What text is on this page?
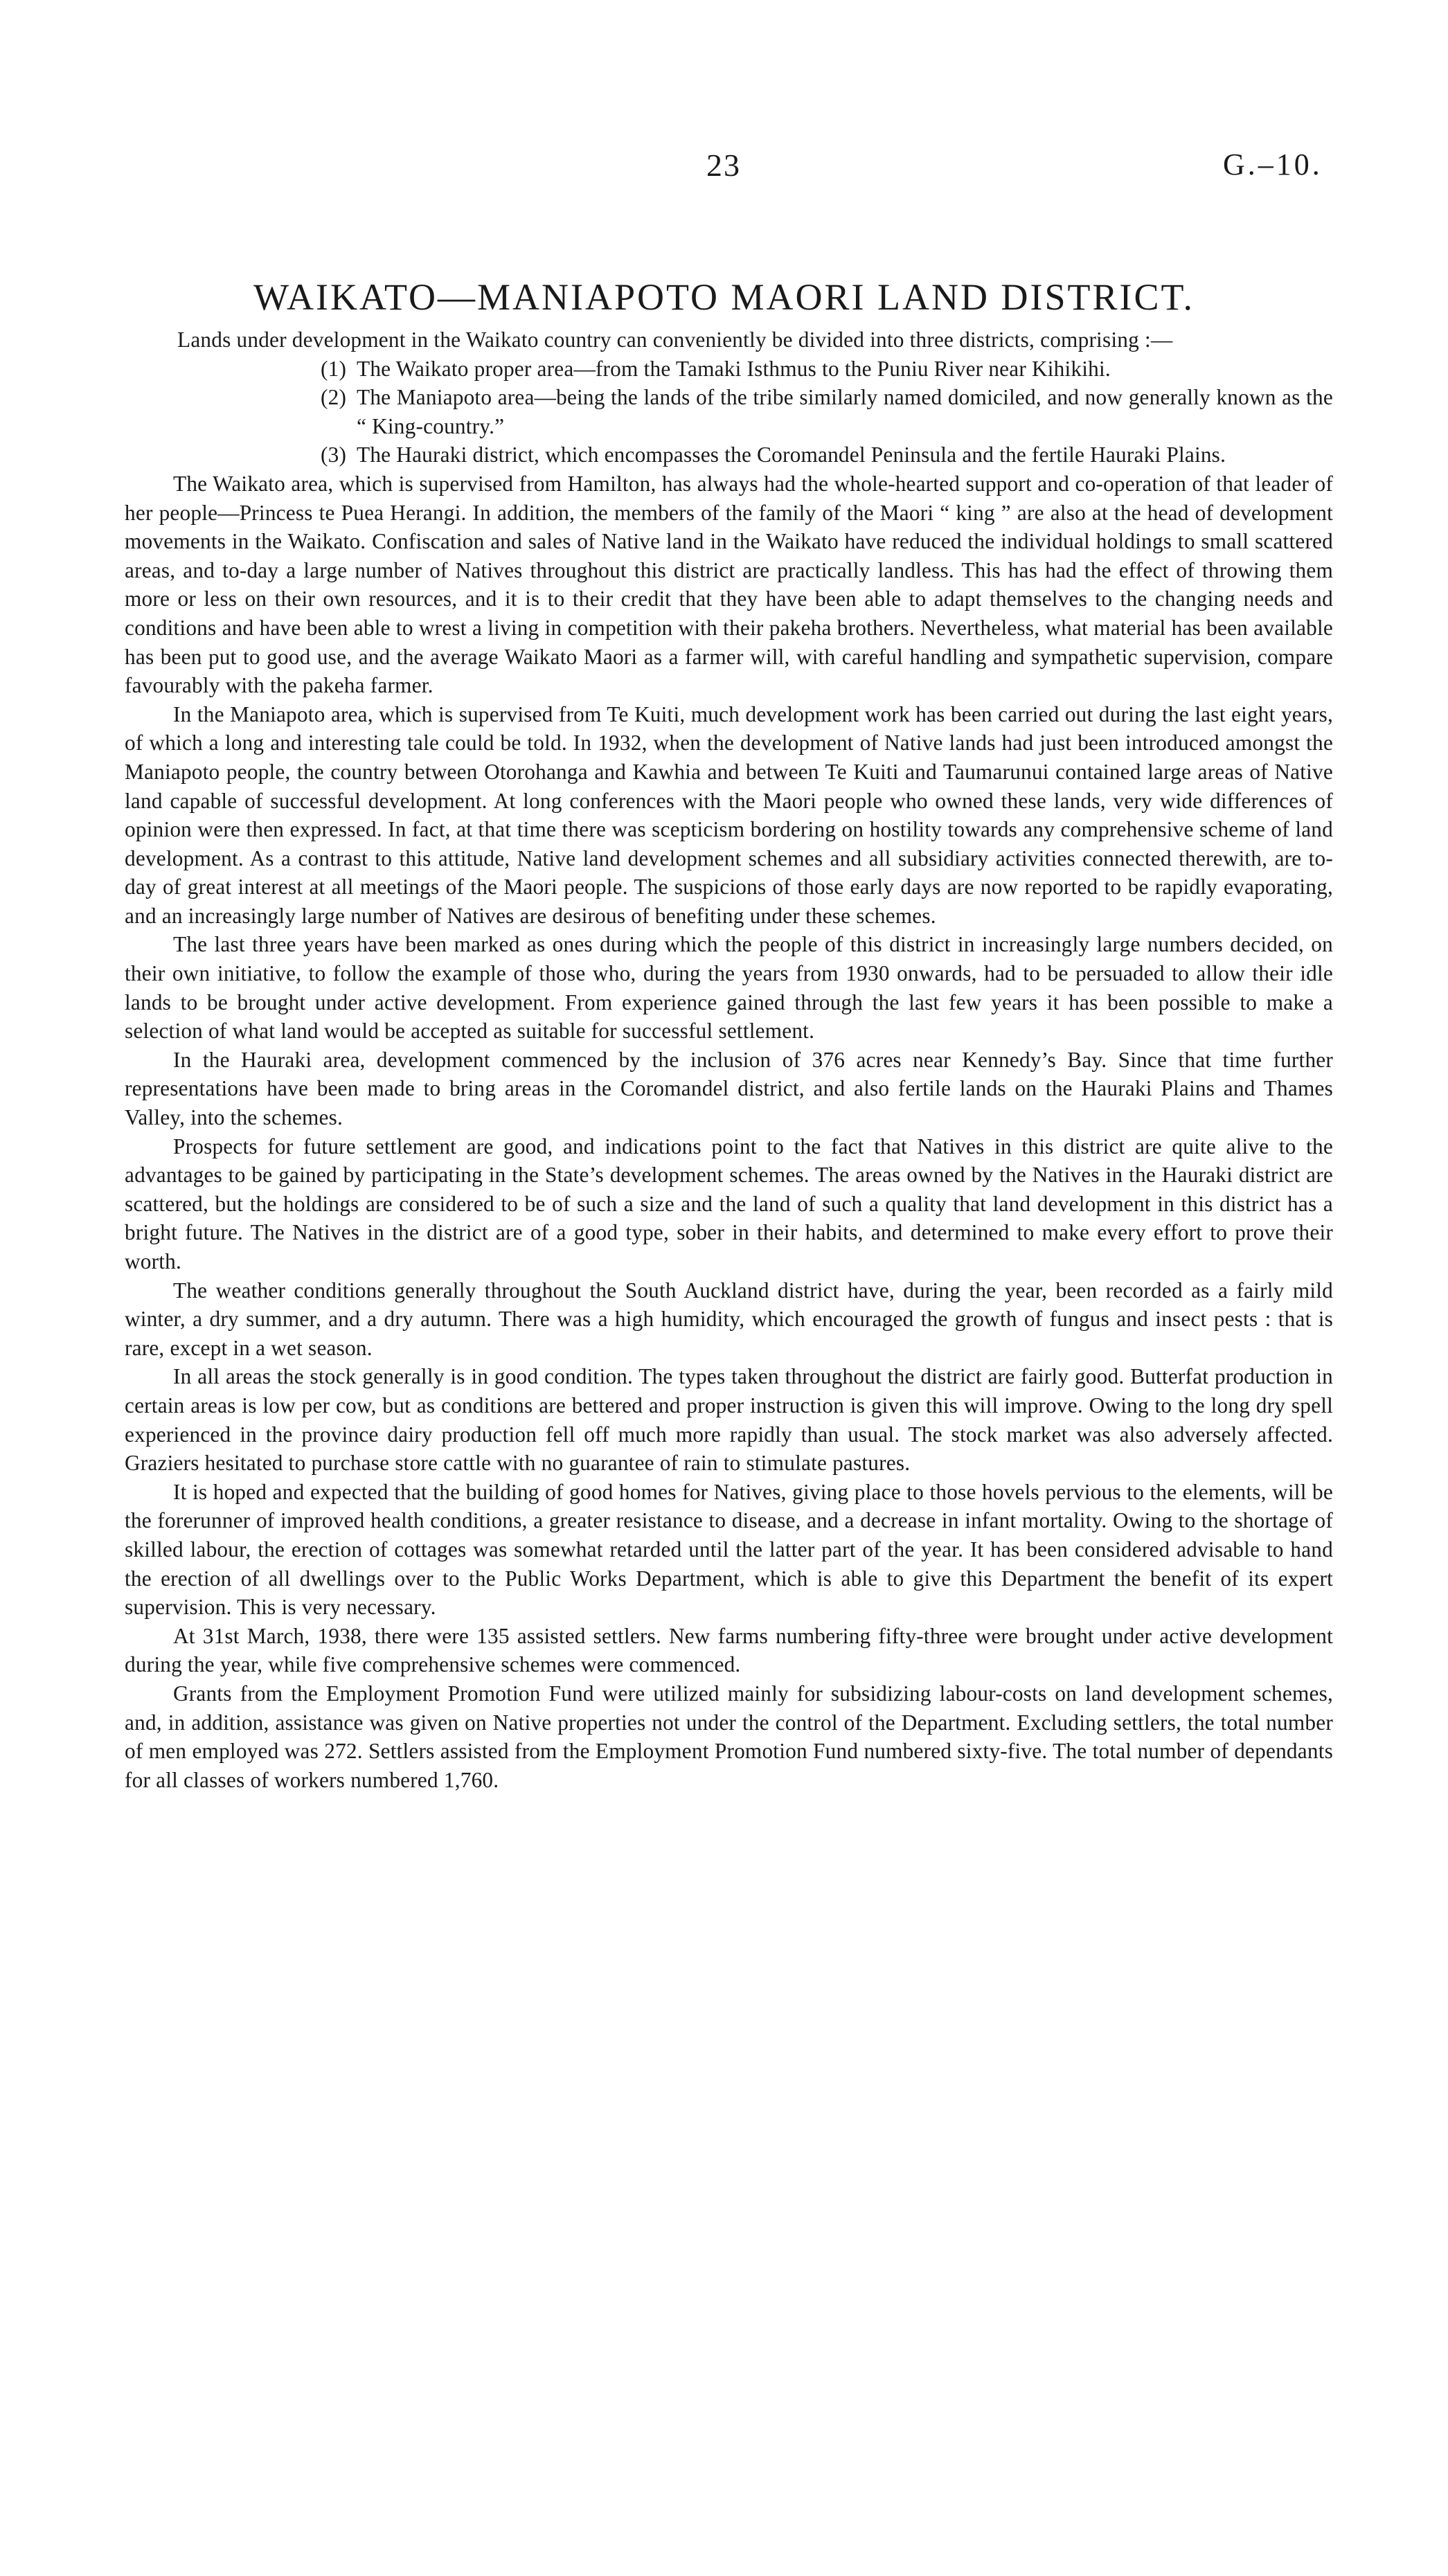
23	G.–10.
WAIKATO—MANIAPOTO MAORI LAND DISTRICT.

Lands under development in the Waikato country can conveniently be divided into three districts, comprising :—

(1) The Waikato proper area—from the Tamaki Isthmus to the Puniu River near Kihikihi.
(2) The Maniapoto area—being the lands of the tribe similarly named domiciled, and now generally known as the “ King-country.”
(3) The Hauraki district, which encompasses the Coromandel Peninsula and the fertile Hauraki Plains.

The Waikato area, which is supervised from Hamilton, has always had the whole-hearted support and co-operation of that leader of her people—Princess te Puea Herangi. In addition, the members of the family of the Maori “ king ” are also at the head of development movements in the Waikato. Confiscation and sales of Native land in the Waikato have reduced the individual holdings to small scattered areas, and to-day a large number of Natives throughout this district are practically landless. This has had the effect of throwing them more or less on their own resources, and it is to their credit that they have been able to adapt themselves to the changing needs and conditions and have been able to wrest a living in competition with their pakeha brothers. Nevertheless, what material has been available has been put to good use, and the average Waikato Maori as a farmer will, with careful handling and sympathetic supervision, compare favourably with the pakeha farmer.

In the Maniapoto area, which is supervised from Te Kuiti, much development work has been carried out during the last eight years, of which a long and interesting tale could be told. In 1932, when the development of Native lands had just been introduced amongst the Maniapoto people, the country between Otorohanga and Kawhia and between Te Kuiti and Taumarunui contained large areas of Native land capable of successful development. At long conferences with the Maori people who owned these lands, very wide differences of opinion were then expressed. In fact, at that time there was scepticism bordering on hostility towards any comprehensive scheme of land development. As a contrast to this attitude, Native land development schemes and all subsidiary activities connected therewith, are to-day of great interest at all meetings of the Maori people. The suspicions of those early days are now reported to be rapidly evaporating, and an increasingly large number of Natives are desirous of benefiting under these schemes.

The last three years have been marked as ones during which the people of this district in increasingly large numbers decided, on their own initiative, to follow the example of those who, during the years from 1930 onwards, had to be persuaded to allow their idle lands to be brought under active development. From experience gained through the last few years it has been possible to make a selection of what land would be accepted as suitable for successful settlement.

In the Hauraki area, development commenced by the inclusion of 376 acres near Kennedy’s Bay. Since that time further representations have been made to bring areas in the Coromandel district, and also fertile lands on the Hauraki Plains and Thames Valley, into the schemes.

Prospects for future settlement are good, and indications point to the fact that Natives in this district are quite alive to the advantages to be gained by participating in the State’s development schemes. The areas owned by the Natives in the Hauraki district are scattered, but the holdings are considered to be of such a size and the land of such a quality that land development in this district has a bright future. The Natives in the district are of a good type, sober in their habits, and determined to make every effort to prove their worth.

The weather conditions generally throughout the South Auckland district have, during the year, been recorded as a fairly mild winter, a dry summer, and a dry autumn. There was a high humidity, which encouraged the growth of fungus and insect pests : that is rare, except in a wet season.

In all areas the stock generally is in good condition. The types taken throughout the district are fairly good. Butterfat production in certain areas is low per cow, but as conditions are bettered and proper instruction is given this will improve. Owing to the long dry spell experienced in the province dairy production fell off much more rapidly than usual. The stock market was also adversely affected. Graziers hesitated to purchase store cattle with no guarantee of rain to stimulate pastures.

It is hoped and expected that the building of good homes for Natives, giving place to those hovels pervious to the elements, will be the forerunner of improved health conditions, a greater resistance to disease, and a decrease in infant mortality. Owing to the shortage of skilled labour, the erection of cottages was somewhat retarded until the latter part of the year. It has been considered advisable to hand the erection of all dwellings over to the Public Works Department, which is able to give this Department the benefit of its expert supervision. This is very necessary.

At 31st March, 1938, there were 135 assisted settlers. New farms numbering fifty-three were brought under active development during the year, while five comprehensive schemes were commenced.

Grants from the Employment Promotion Fund were utilized mainly for subsidizing labour-costs on land development schemes, and, in addition, assistance was given on Native properties not under the control of the Department. Excluding settlers, the total number of men employed was 272. Settlers assisted from the Employment Promotion Fund numbered sixty-five. The total number of dependants for all classes of workers numbered 1,760.
